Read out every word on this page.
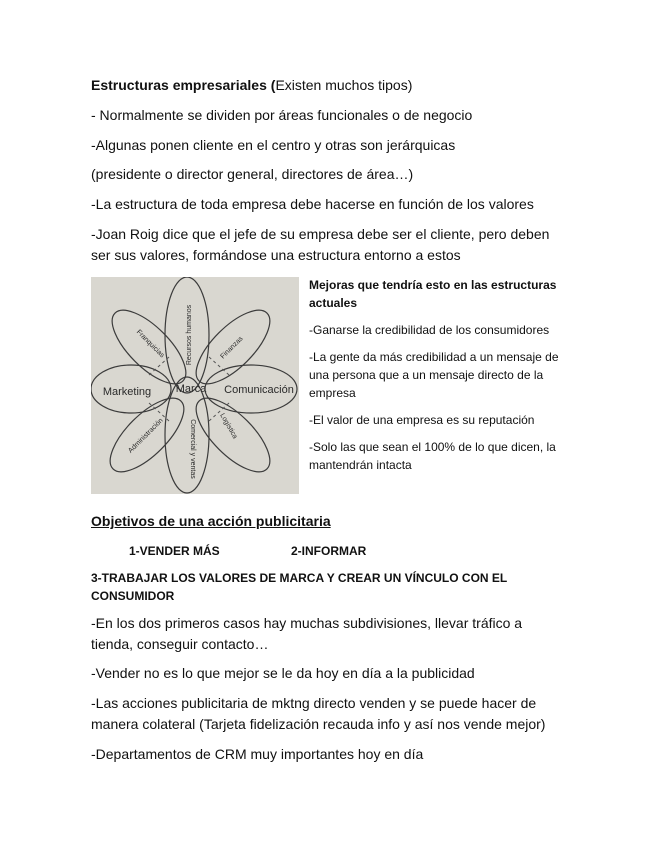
Estructuras empresariales (Existen muchos tipos)

- Normalmente se dividen por áreas funcionales o de negocio

-Algunas ponen cliente en el centro y otras son jerárquicas

(presidente o director general, directores de área…)

-La estructura de toda empresa debe hacerse en función de los valores

-Joan Roig dice que el jefe de su empresa debe ser el cliente, pero deben

ser sus valores, formándose una estructura entorno a estos

Marca
Marketing	Comunicación
Recursos humanos
Franquicias	Finanzas
Comercial y ventas
Administración	Logística
Mejoras que tendría esto en las estructuras
actuales
-Ganarse la credibilidad de los consumidores
-La gente da más credibilidad a un mensaje de una persona que a un mensaje directo de la empresa
-El valor de una empresa es su reputación
-Solo las que sean el 100% de lo que dicen, la mantendrán intacta

Objetivos de una acción publicitaria

1-VENDER MÁS	2-INFORMAR

3-TRABAJAR LOS VALORES DE MARCA Y CREAR UN VÍNCULO CON EL

CONSUMIDOR

-En los dos primeros casos hay muchas subdivisiones, llevar tráfico a

tienda, conseguir contacto…

-Vender no es lo que mejor se le da hoy en día a la publicidad

-Las acciones publicitaria de mktng directo venden y se puede hacer de

manera colateral (Tarjeta fidelización recauda info y así nos vende mejor)

-Departamentos de CRM muy importantes hoy en día
